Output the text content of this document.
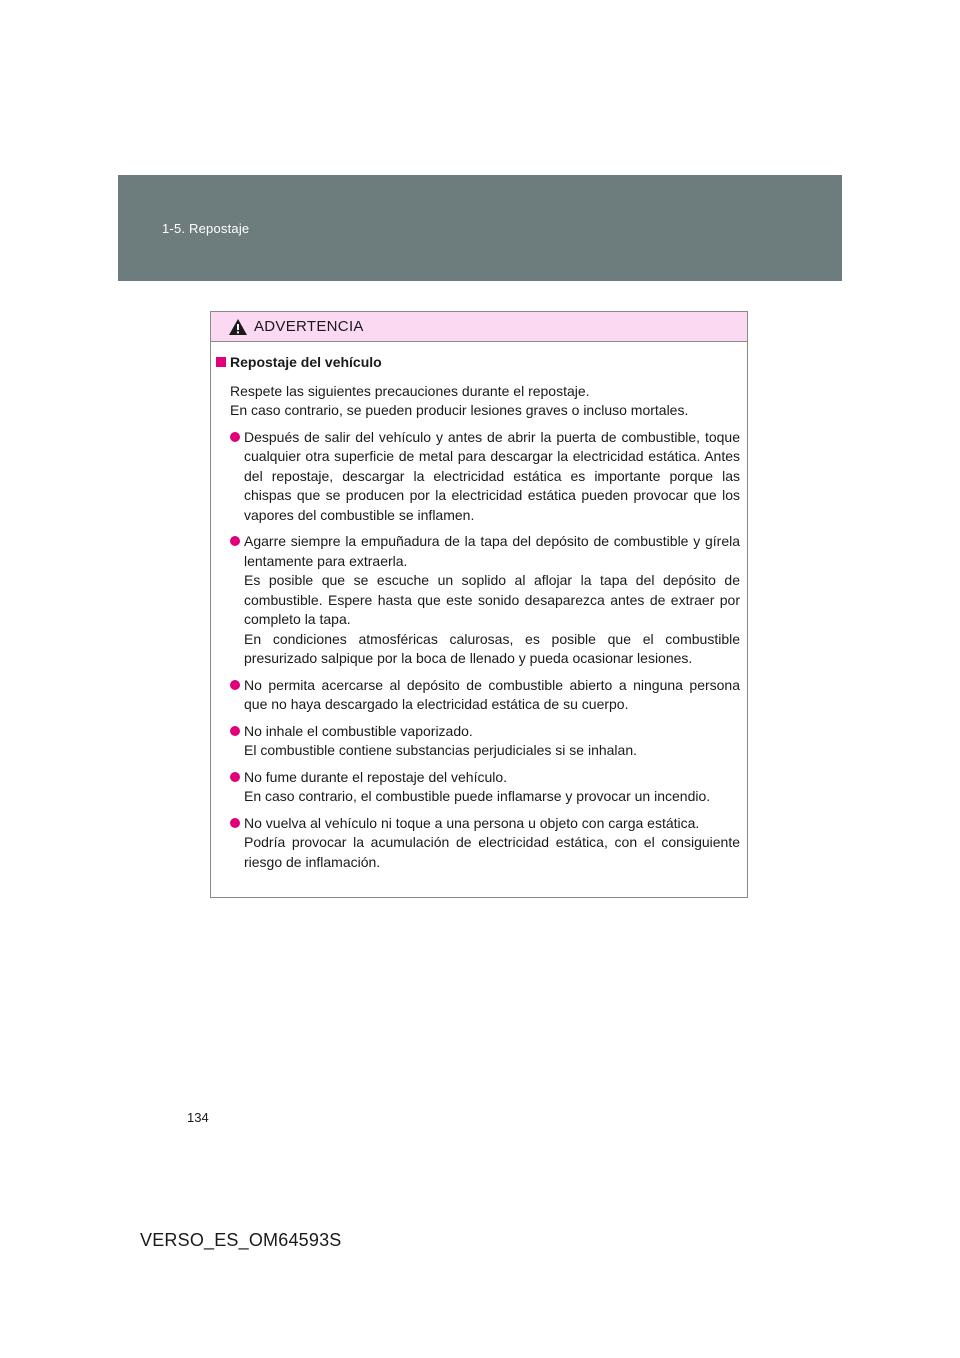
1-5. Repostaje
ADVERTENCIA
Repostaje del vehículo
Respete las siguientes precauciones durante el repostaje.
En caso contrario, se pueden producir lesiones graves o incluso mortales.

Después de salir del vehículo y antes de abrir la puerta de combustible, toque cualquier otra superficie de metal para descargar la electricidad estática. Antes del repostaje, descargar la electricidad estática es importante porque las chispas que se producen por la electricidad estática pueden provocar que los vapores del combustible se inflamen.

Agarre siempre la empuñadura de la tapa del depósito de combustible y gírela lentamente para extraerla.

Es posible que se escuche un soplido al aflojar la tapa del depósito de combustible. Espere hasta que este sonido desaparezca antes de extraer por completo la tapa.

En condiciones atmosféricas calurosas, es posible que el combustible presurizado salpique por la boca de llenado y pueda ocasionar lesiones.

No permita acercarse al depósito de combustible abierto a ninguna persona que no haya descargado la electricidad estática de su cuerpo.

No inhale el combustible vaporizado.

El combustible contiene substancias perjudiciales si se inhalan.

No fume durante el repostaje del vehículo.

En caso contrario, el combustible puede inflamarse y provocar un incendio.

No vuelva al vehículo ni toque a una persona u objeto con carga estática.

Podría provocar la acumulación de electricidad estática, con el consiguiente riesgo de inflamación.

134
VERSO_ES_OM64593S
